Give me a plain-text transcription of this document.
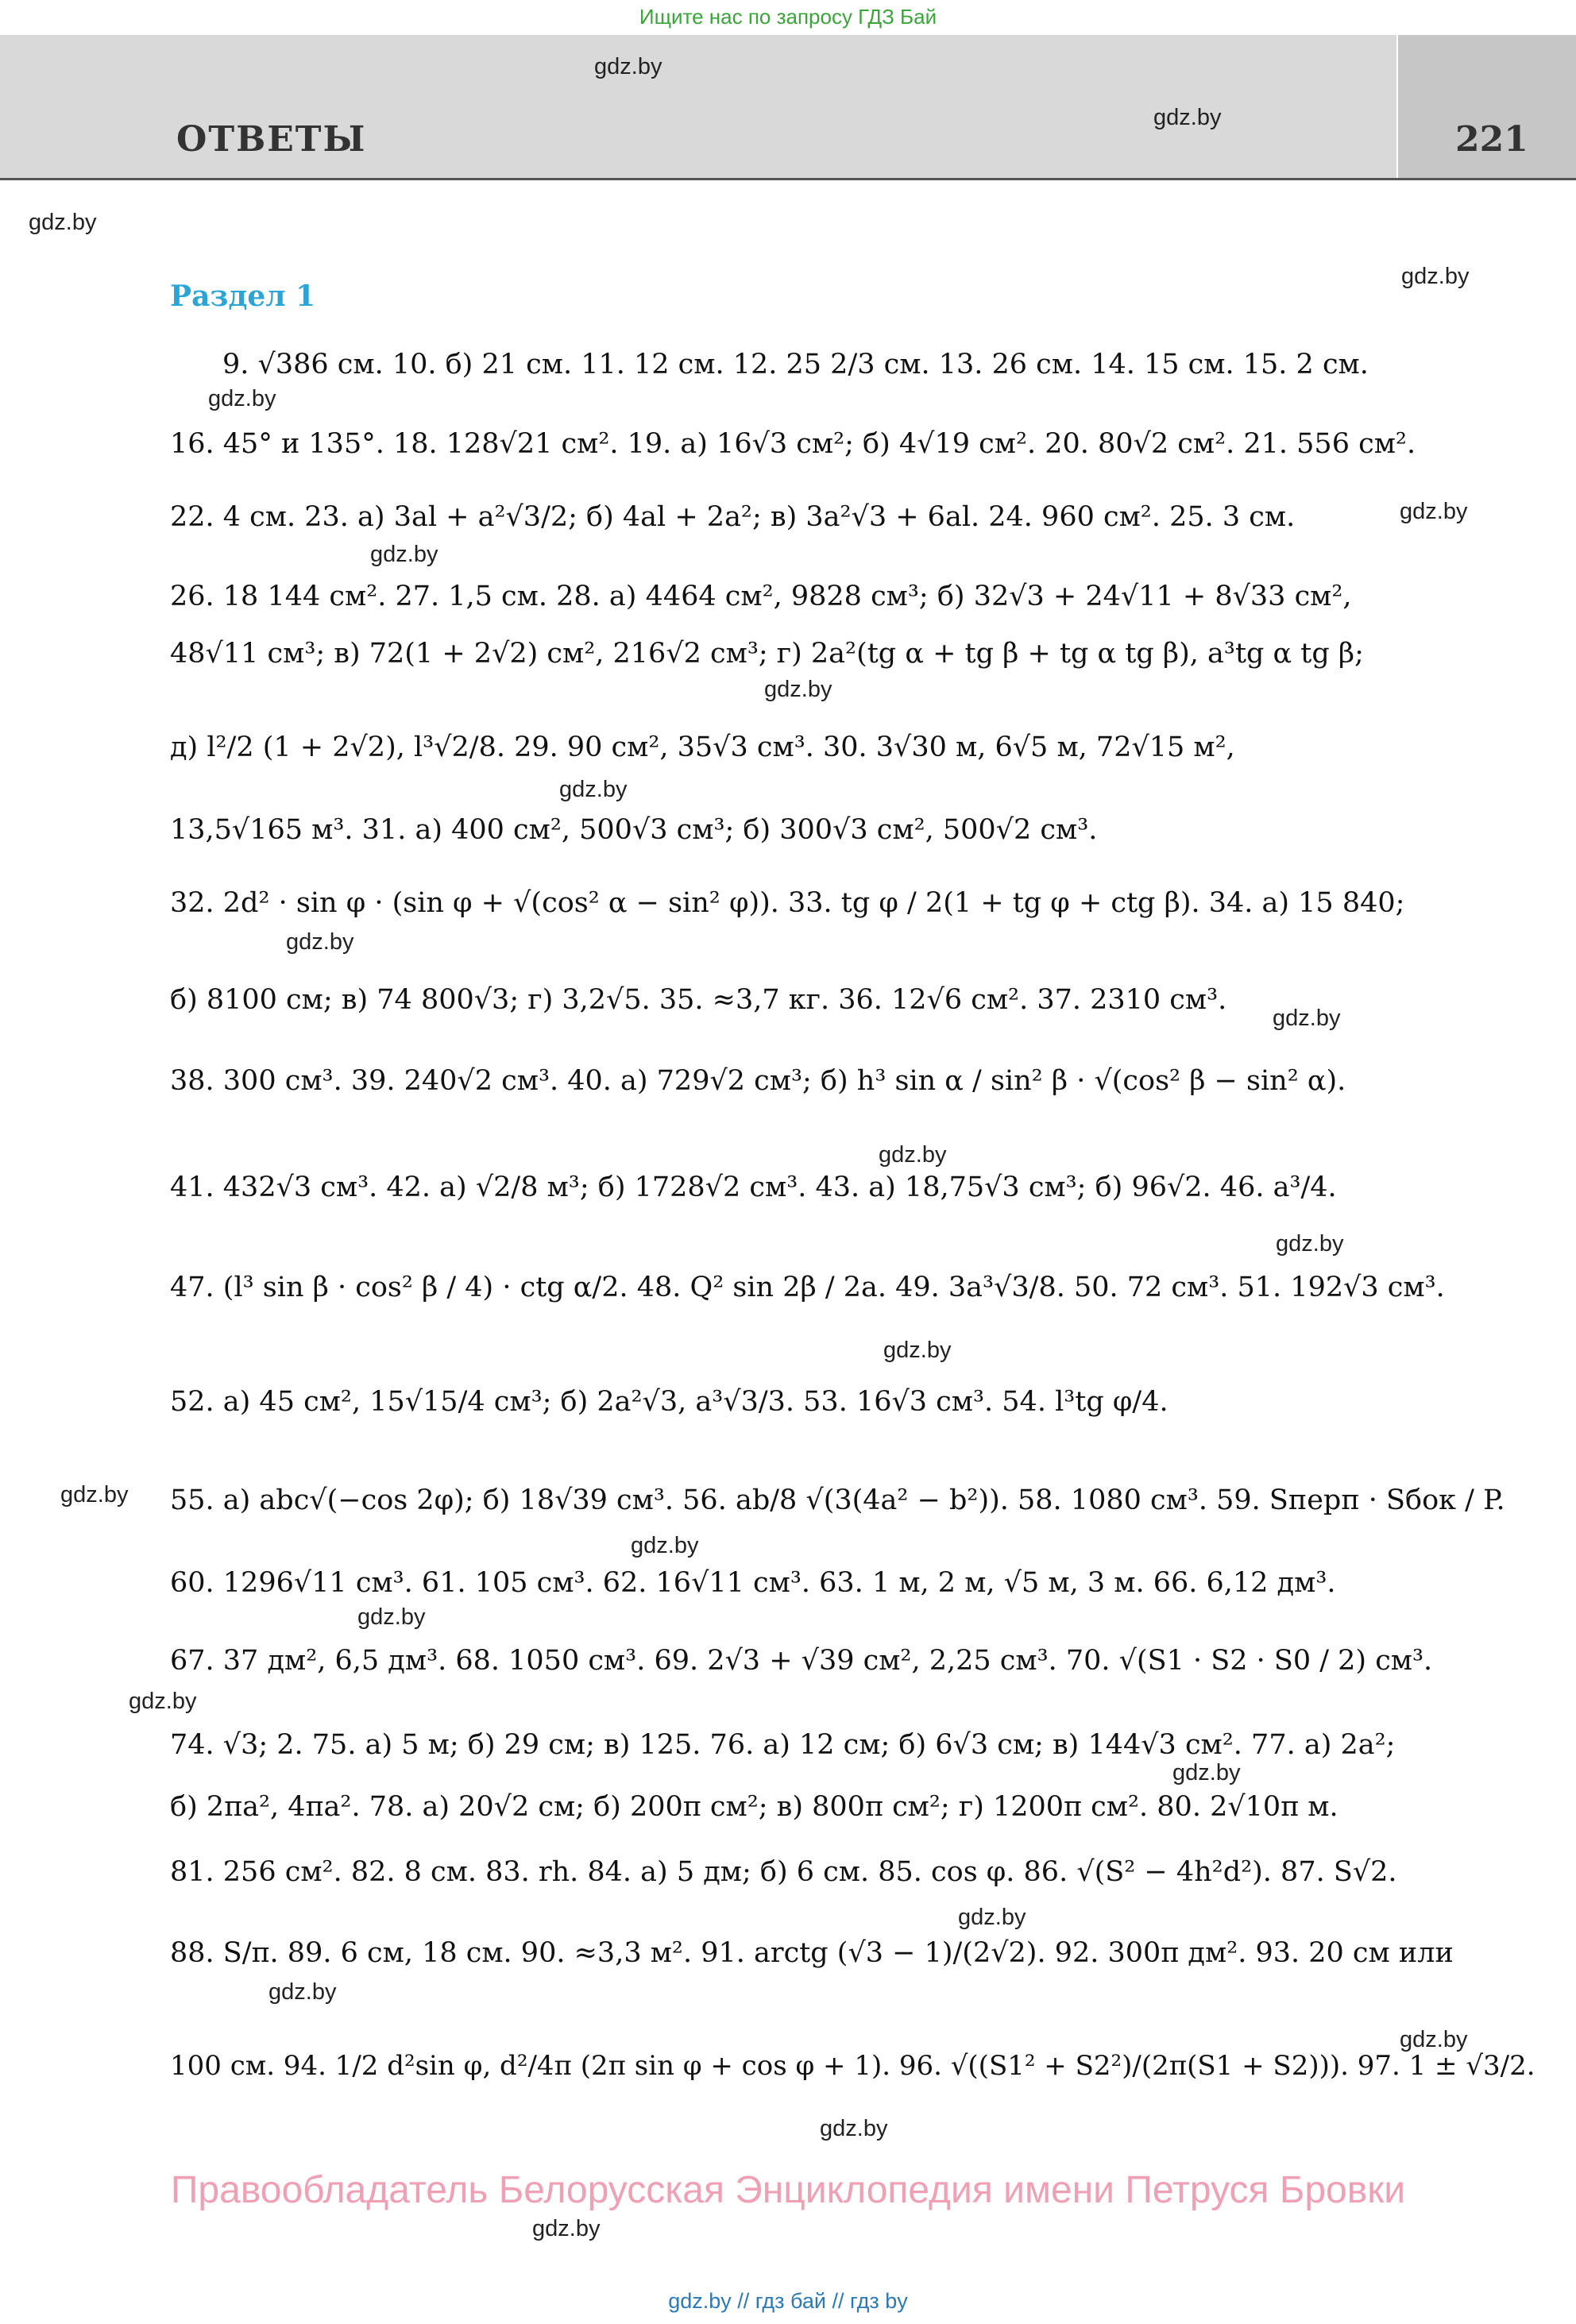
Ищите нас по запросу ГДЗ Бай
ОТВЕТЫ	221
gdz.by
gdz.by
gdz.by
gdz.by
gdz.by
gdz.by
gdz.by
gdz.by
gdz.by
gdz.by
gdz.by
gdz.by
gdz.by
gdz.by
gdz.by
gdz.by
gdz.by
gdz.by
gdz.by
gdz.by
gdz.by
gdz.by
gdz.by
gdz.by
Раздел 1
9. √386 см. 10. б) 21 см. 11. 12 см. 12. 25 2/3 см. 13. 26 см. 14. 15 см. 15. 2 см.
16. 45° и 135°. 18. 128√21 см². 19. а) 16√3 см²; б) 4√19 см². 20. 80√2 см². 21. 556 см².
22. 4 см. 23. а) 3al + a²√3/2; б) 4al + 2a²; в) 3a²√3 + 6al. 24. 960 см². 25. 3 см.
26. 18 144 см². 27. 1,5 см. 28. а) 4464 см², 9828 см³; б) 32√3 + 24√11 + 8√33 см²,
48√11 см³; в) 72(1 + 2√2) см², 216√2 см³; г) 2a²(tg α + tg β + tg α tg β), a³tg α tg β;
д) l²/2 (1 + 2√2), l³√2/8. 29. 90 см², 35√3 см³. 30. 3√30 м, 6√5 м, 72√15 м²,
13,5√165 м³. 31. а) 400 см², 500√3 см³; б) 300√3 см², 500√2 см³.
32. 2d² · sin φ · (sin φ + √(cos² α − sin² φ)). 33. tg φ / 2(1 + tg φ + ctg β). 34. а) 15 840;
б) 8100 см; в) 74 800√3; г) 3,2√5. 35. ≈3,7 кг. 36. 12√6 см². 37. 2310 см³.
38. 300 см³. 39. 240√2 см³. 40. а) 729√2 см³; б) h³ sin α / sin² β · √(cos² β − sin² α).
41. 432√3 см³. 42. а) √2/8 м³; б) 1728√2 см³. 43. а) 18,75√3 см³; б) 96√2. 46. a³/4.
47. (l³ sin β · cos² β / 4) · ctg α/2. 48. Q² sin 2β / 2a. 49. 3a³√3/8. 50. 72 см³. 51. 192√3 см³.
52. а) 45 см², 15√15/4 см³; б) 2a²√3, a³√3/3. 53. 16√3 см³. 54. l³tg φ/4.
55. а) abc√(−cos 2φ); б) 18√39 см³. 56. ab/8 √(3(4a² − b²)). 58. 1080 см³. 59. Sперп · Sбок / P.
60. 1296√11 см³. 61. 105 см³. 62. 16√11 см³. 63. 1 м, 2 м, √5 м, 3 м. 66. 6,12 дм³.
67. 37 дм², 6,5 дм³. 68. 1050 см³. 69. 2√3 + √39 см², 2,25 см³. 70. √(S1 · S2 · S0 / 2) см³.
74. √3; 2. 75. а) 5 м; б) 29 см; в) 125. 76. а) 12 см; б) 6√3 см; в) 144√3 см². 77. а) 2a²;
б) 2πa², 4πa². 78. а) 20√2 см; б) 200π см²; в) 800π см²; г) 1200π см². 80. 2√10π м.
81. 256 см². 82. 8 см. 83. rh. 84. а) 5 дм; б) 6 см. 85. cos φ. 86. √(S² − 4h²d²). 87. S√2.
88. S/π. 89. 6 см, 18 см. 90. ≈3,3 м². 91. arctg (√3 − 1)/(2√2). 92. 300π дм². 93. 20 см или
100 см. 94. 1/2 d²sin φ, d²/4π (2π sin φ + cos φ + 1). 96. √((S1² + S2²)/(2π(S1 + S2))). 97. 1 ± √3/2.
Правообладатель Белорусская Энциклопедия имени Петруся Бровки
gdz.by // гдз бай // гдз by
